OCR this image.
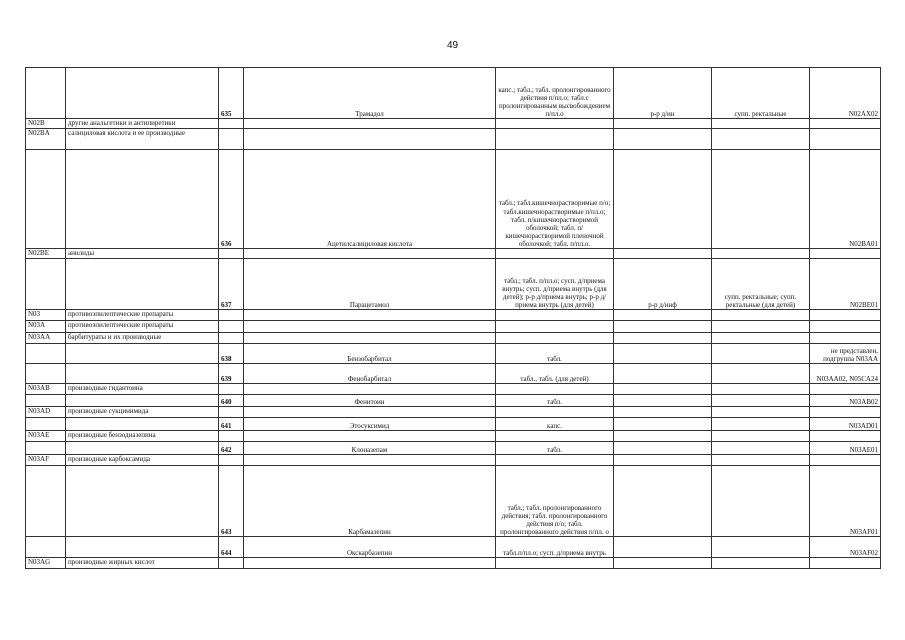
49
		635	Трамадол	капс.; табл.; табл. пролонгированного действия п/пл.о; табл.с пролонгированным высвобождением п/пл.о	р-р д/ин	супп. ректальные	N02AX02
N02B	другие анальгетики и антипиретики						
N02BA	салициловая кислота и ее производные						
		636	Ацетилсалициловая кислота	табл.; табл.кишечнорастворимые п/о; табл.кишечнорастворимые п/пл.о; табл. п/кишечнорастворимой оболочкой; табл. п/кишечнорастворимой пленочной оболочкой; табл. п/пл.о.			N02BA01
N02BE	анилиды						
		637	Парацетамол	табл.; табл. п/пл.о; сусп. д/приема внутрь; сусп. д/приема внутрь (для детей); р-р д/приема внутрь; р-р д/приема внутрь (для детей)	р-р д/инф	супп. ректальные; супп. ректальные (для детей)	N02BE01
N03	противоэпилептические препараты						
N03A	противоэпилептические препараты						
N03AA	барбитураты и их производные						
		638	Бензобарбитал	табл.			не представлен, подгруппа N03AA
		639	Фенобарбитал	табл., табл. (для детей)			N03AA02, N05CA24
N03AB	производные гидантоина						
		640	Фенитоин	табл.			N03AB02
N03AD	производные сукцинимида						
		641	Этосуксимид	капс.			N03AD01
N03AE	производные бензодиазепина						
		642	Клоназепам	табл.			N03AE01
N03AF	производные карбоксамида						
		643	Карбамазепин	табл.; табл. пролонгированного действия; табл. пролонгированного действия п/о; табл. пролонгированного действия п/пл. о			N03AF01
		644	Окскарбазепин	табл.п/пл.о; сусп. д/приема внутрь			N03AF02
N03AG	производные жирных кислот						
